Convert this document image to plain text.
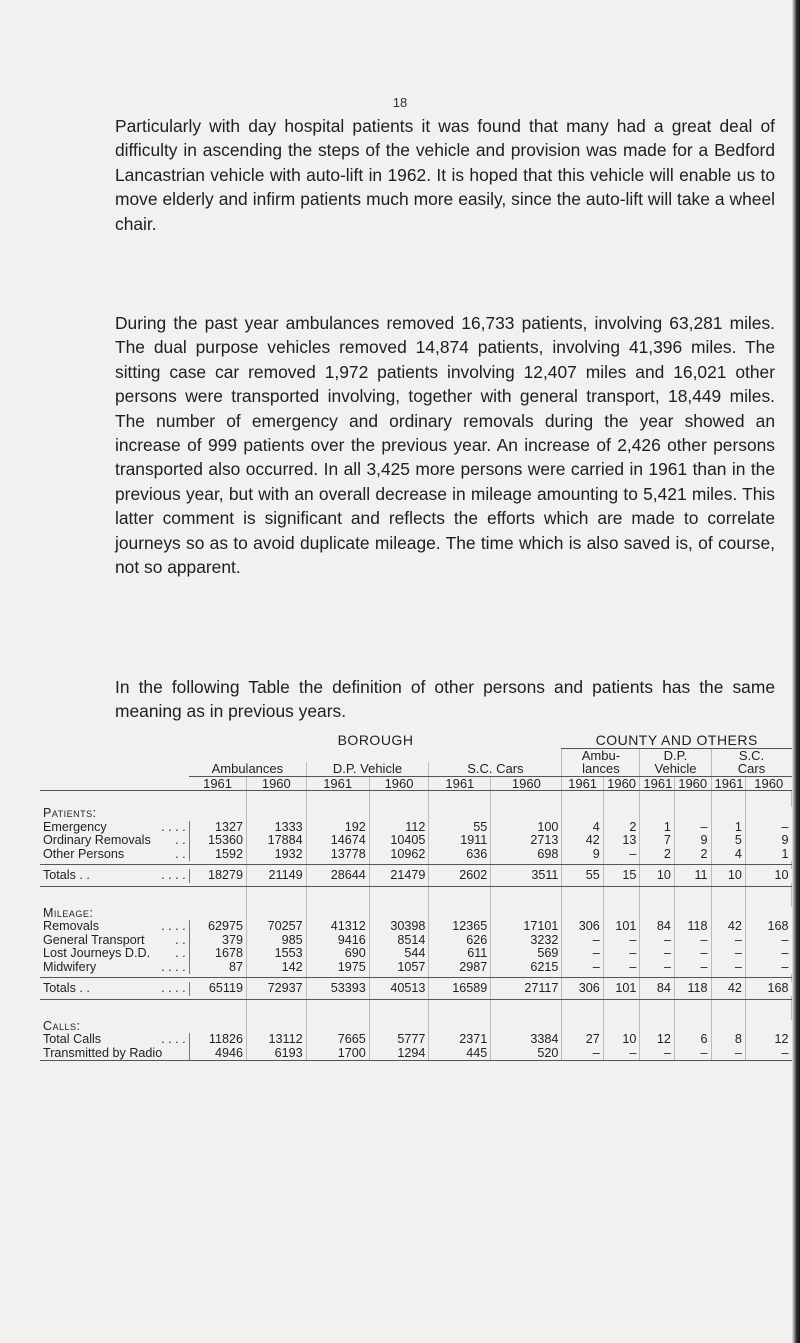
18

Particularly with day hospital patients it was found that many had a great deal of difficulty in ascending the steps of the vehicle and provision was made for a Bedford Lancastrian vehicle with auto-lift in 1962. It is hoped that this vehicle will enable us to move elderly and infirm patients much more easily, since the auto-lift will take a wheel chair.

During the past year ambulances removed 16,733 patients, involving 63,281 miles. The dual purpose vehicles removed 14,874 patients, involving 41,396 miles. The sitting case car removed 1,972 patients involving 12,407 miles and 16,021 other persons were transported involving, together with general transport, 18,449 miles. The number of emergency and ordinary removals during the year showed an increase of 999 patients over the previous year. An increase of 2,426 other persons transported also occurred. In all 3,425 more persons were carried in 1961 than in the previous year, but with an overall decrease in mileage amounting to 5,421 miles. This latter comment is significant and reflects the efforts which are made to correlate journeys so as to avoid duplicate mileage. The time which is also saved is, of course, not so apparent.

In the following Table the definition of other persons and patients has the same meaning as in previous years.

	BOROUGH						COUNTY AND OTHERS					
							Ambu-		D.P.		S.C.	
	Ambulances		D.P. Vehicle		S.C. Cars		lances		Vehicle		Cars	
	1961	1960	1961	1960	1961	1960	1961	1960	1961	1960	1961	1960

Patients:												
Emergency . . . .	1327	1333	192	112	55	100	4	2	1	–	1	–
Ordinary Removals . .	15360	17884	14674	10405	1911	2713	42	13	7	9	5	9
Other Persons . .	1592	1932	13778	10962	636	698	9	–	2	2	4	1

Totals . . . . . .	18279	21149	28644	21479	2602	3511	55	15	10	11	10	10

Mileage:												
Removals . . . .	62975	70257	41312	30398	12365	17101	306	101	84	118	42	168
General Transport . .	379	985	9416	8514	626	3232	–	–	–	–	–	–
Lost Journeys D.D. . .	1678	1553	690	544	611	569	–	–	–	–	–	–
Midwifery . . . .	87	142	1975	1057	2987	6215	–	–	–	–	–	–

Totals . . . . . .	65119	72937	53393	40513	16589	27117	306	101	84	118	42	168

Calls:												
Total Calls . . . .	11826	13112	7665	5777	2371	3384	27	10	12	6	8	12
Transmitted by Radio	4946	6193	1700	1294	445	520	–	–	–	–	–	–
